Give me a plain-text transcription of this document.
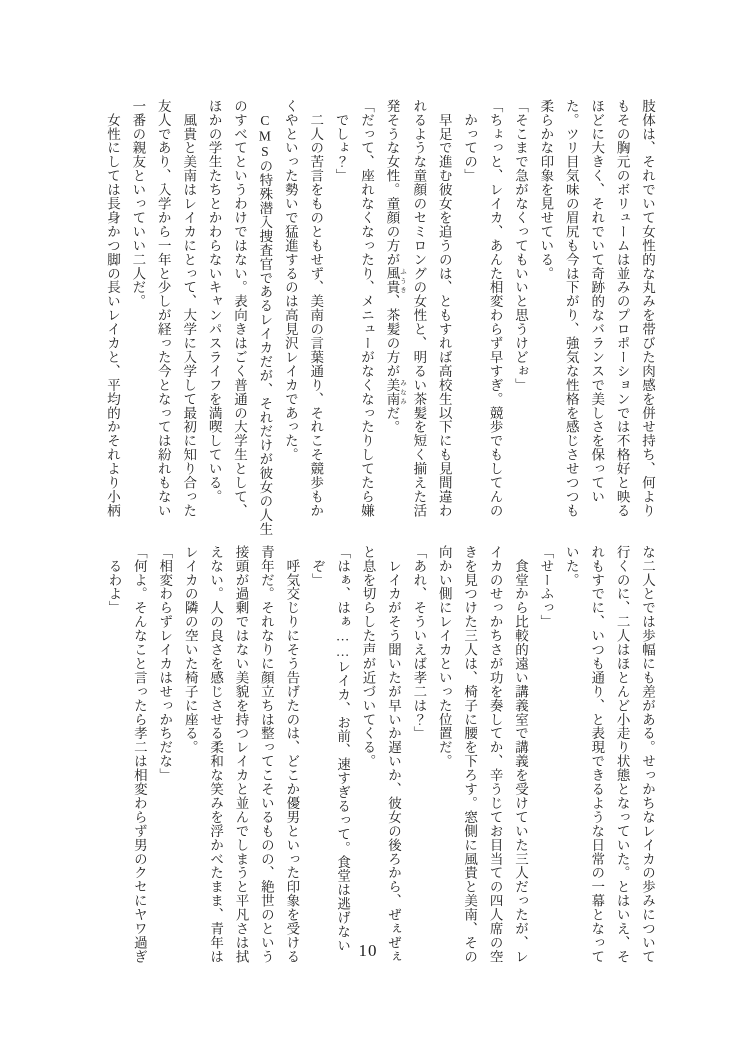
肢体は、それでいて女性的な丸みを帯びた肉感を併せ持ち、何より
もその胸元のボリュームは並みのプロポーションでは不格好と映る
ほどに大きく、それでいて奇跡的なバランスで美しさを保ってい
た。ツリ目気味の眉尻も今は下がり、強気な性格を感じさせつつも
柔らかな印象を見せている。
「そこまで急がなくってもいいと思うけどぉ」
「ちょっと、レイカ、あんた相変わらず早すぎ。競歩でもしてんの
　かっての」
　早足で進む彼女を追うのは、ともすれば高校生以下にも見間違わ
れるような童顔のセミロングの女性と、明るい茶髪を短く揃えた活
発そうな女性。童顔の方が風貴 ふうき、茶髪の方が美南 みなみだ。
「だって、座れなくなったり、メニューがなくなったりしてたら嫌
　でしょ？」
　二人の苦言をものともせず、美南の言葉通り、それこそ競歩もか
くやといった勢いで猛進するのは高見沢レイカであった。
　CMSの特殊潜入捜査官であるレイカだが、それだけが彼女の人生
のすべてというわけではない。表向きはごく普通の大学生として、
ほかの学生たちとかわらないキャンパスライフを満喫している。
　風貴と美南はレイカにとって、大学に入学して最初に知り合った
友人であり、入学から一年と少しが経った今となっては紛れもない
一番の親友といっていい二人だ。
　女性にしては長身かつ脚の長いレイカと、平均的かそれより小柄
な二人とでは歩幅にも差がある。せっかちなレイカの歩みについて
行くのに、二人はほとんど小走り状態となっていた。とはいえ、そ
れもすでに、いつも通り、と表現できるような日常の一幕となって
いた。
「せーふっ」
　食堂から比較的遠い講義室で講義を受けていた三人だったが、レ
イカのせっかちさが功を奏してか、辛うじてお目当ての四人席の空
きを見つけた三人は、椅子に腰を下ろす。窓側に風貴と美南、その
向かい側にレイカといった位置だ。
「あれ、そういえば孝二は？」
　レイカがそう聞いたが早いか遅いか、彼女の後ろから、ぜぇぜぇ
と息を切らした声が近づいてくる。
「はぁ、はぁ……レイカ、お前、速すぎるって。食堂は逃げない
　ぞ」
　呼気交じりにそう告げたのは、どこか優男といった印象を受ける
青年だ。それなりに顔立ちは整ってこそいるものの、絶世のという
接頭が過剰ではない美貌を持つレイカと並んでしまうと平凡さは拭
えない。人の良さを感じさせる柔和な笑みを浮かべたまま、青年は
レイカの隣の空いた椅子に座る。
「相変わらずレイカはせっかちだな」
「何よ。そんなこと言ったら孝二は相変わらず男のクセにヤワ過ぎ
　るわよ」
10
